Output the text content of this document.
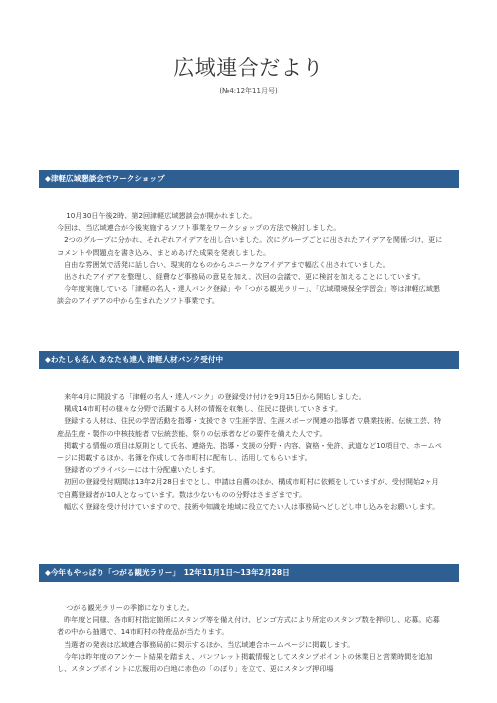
広域連合だより
(№4:12年11月号)
◆津軽広域懇談会でワークショップ

10月30日午後2時、第2回津軽広域懇談会が開かれました。

今回は、当広域連合が今後実施するソフト事業をワークショップの方法で検討しました。

2つのグループに分かれ、それぞれアイデアを出し合いました。次にグループごとに出されたアイデアを関係づけ、更にコメントや問題点を書き込み、まとめあげた成果を発表しました。

自由な雰囲気で活発に話し合い、現実的なものからユニークなアイデアまで幅広く出されていました。

出されたアイデアを整理し、経費など事務局の意見を加え、次回の会議で、更に検討を加えることにしています。

今年度実施している「津軽の名人・達人バンク登録」や「つがる観光ラリー」、「広域環境保全学習会」等は津軽広域懇談会のアイデアの中から生まれたソフト事業です。

◆わたしも名人 あなたも達人 津軽人材バンク受付中

来年4月に開設する「津軽の名人・達人バンク」の登録受け付けを9月15日から開始しました。

構成14市町村の様々な分野で活躍する人材の情報を収集し、住民に提供していきます。

登録する人材は、住民の学習活動を指導・支援でき ▽生涯学習、生涯スポーツ関連の指導者 ▽農業技術、伝統工芸、特産品生産・製作の中核技能者 ▽伝統芸能、祭りの伝承者などの要件を備えた人です。

掲載する情報の項目は原則として氏名、連絡先、指導・支援の分野・内容、資格・免許、武道など10項目で、ホームページに掲載するほか、名簿を作成して各市町村に配布し、活用してもらいます。

登録者のプライバシーには十分配慮いたします。

初回の登録受付期間は13年2月28日までとし、申請は自薦のほか、構成市町村に依頼をしていますが、受付開始2ヶ月で自薦登録者が10人となっています。数は少ないものの分野はさまざまです。

幅広く登録を受け付けていますので、技術や知識を地域に役立てたい人は事務局へどしどし申し込みをお願いします。

◆今年もやっぱり「つがる観光ラリー」　12年11月1日～13年2月28日

つがる観光ラリーの季節になりました。

昨年度と同様、各市町村指定箇所にスタンプ等を備え付け、ビンゴ方式により所定のスタンプ数を押印し、応募。応募者の中から抽選で、14市町村の特産品が当たります。

当選者の発表は広域連合事務局前に掲示するほか、当広域連合ホームページに掲載します。

今年は昨年度のアンケート結果を踏まえ、パンフレット掲載情報としてスタンプポイントの休業日と営業時間を追加し、スタンプポイントに広報用の白地に赤色の「のぼり」を立て、更にスタンプ押印場
